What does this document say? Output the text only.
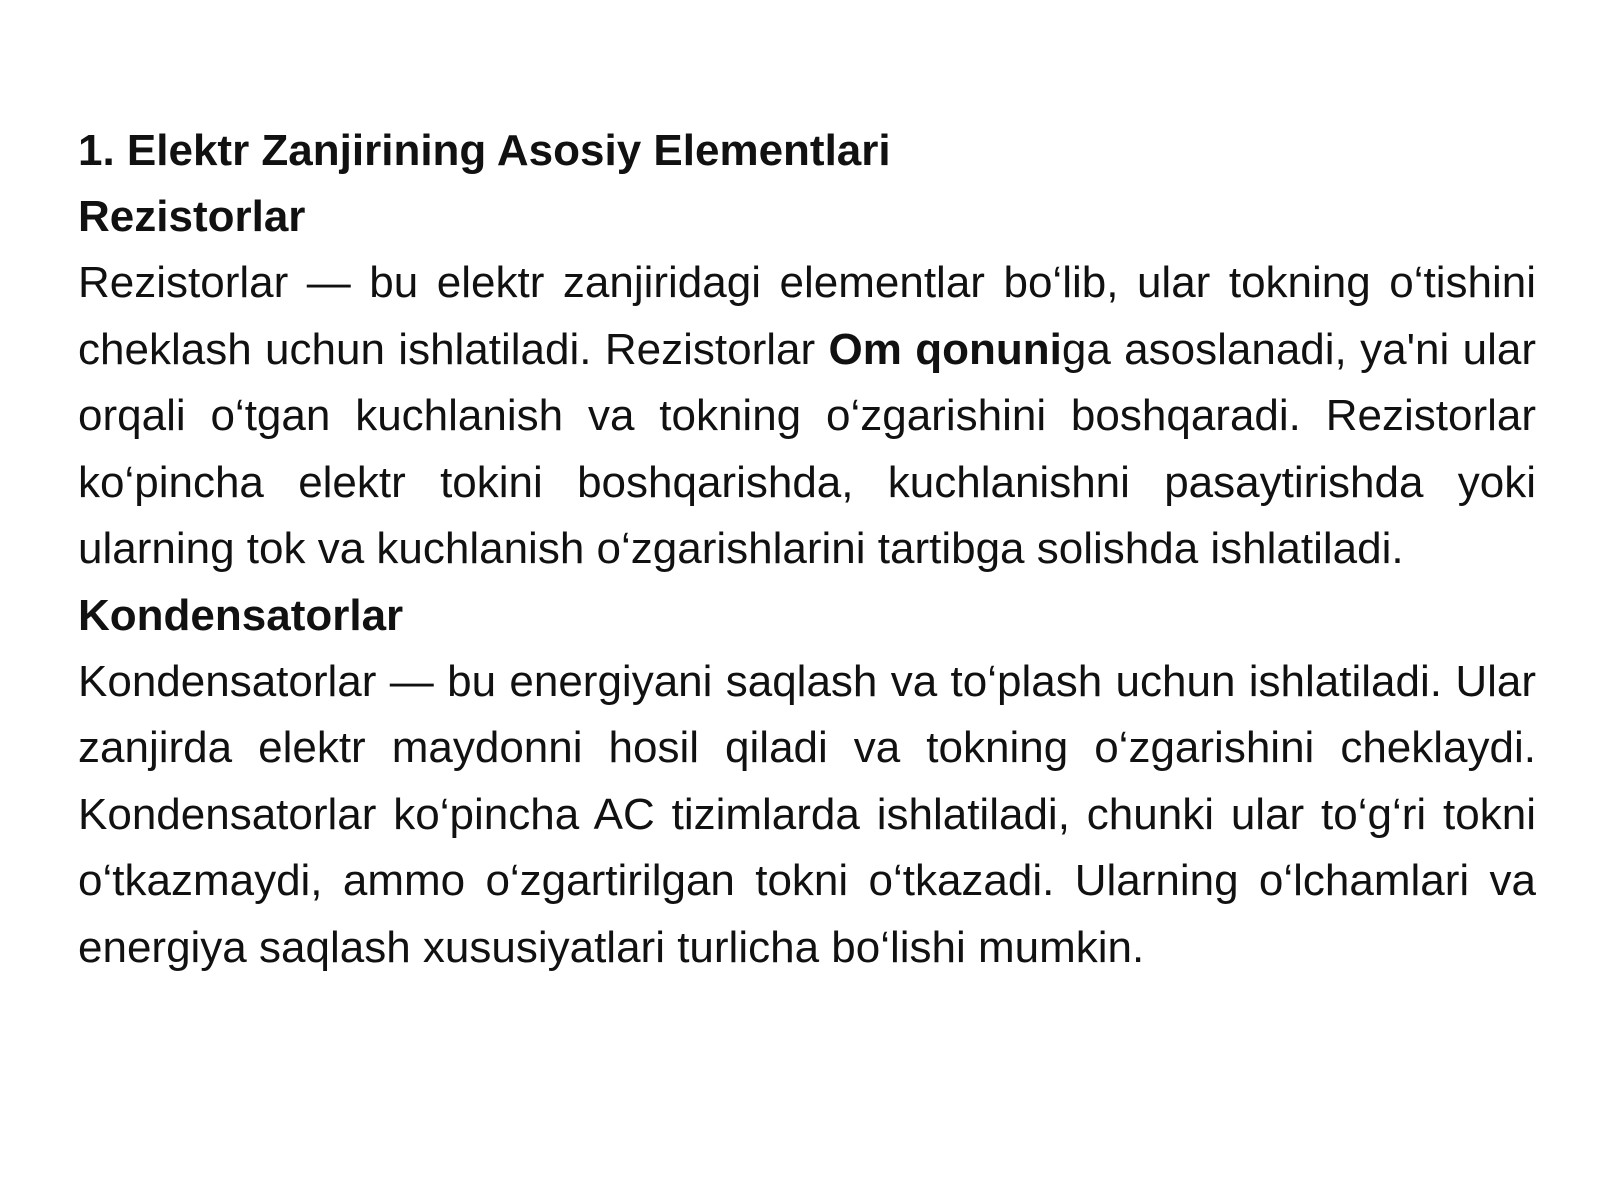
1. Elektr Zanjirining Asosiy Elementlari

Rezistorlar

Rezistorlar — bu elektr zanjiridagi elementlar bo‘lib, ular tokning o‘tishini cheklash uchun ishlatiladi. Rezistorlar Om qonuniga asoslanadi, ya'ni ular orqali o‘tgan kuchlanish va tokning o‘zgarishini boshqaradi. Rezistorlar ko‘pincha elektr tokini boshqarishda, kuchlanishni pasaytirishda yoki ularning tok va kuchlanish o‘zgarishlarini tartibga solishda ishlatiladi.

Kondensatorlar

Kondensatorlar — bu energiyani saqlash va to‘plash uchun ishlatiladi. Ular zanjirda elektr maydonni hosil qiladi va tokning o‘zgarishini cheklaydi. Kondensatorlar ko‘pincha AC tizimlarda ishlatiladi, chunki ular to‘g‘ri tokni o‘tkazmaydi, ammo o‘zgartirilgan tokni o‘tkazadi. Ularning o‘lchamlari va energiya saqlash xususiyatlari turlicha bo‘lishi mumkin.
